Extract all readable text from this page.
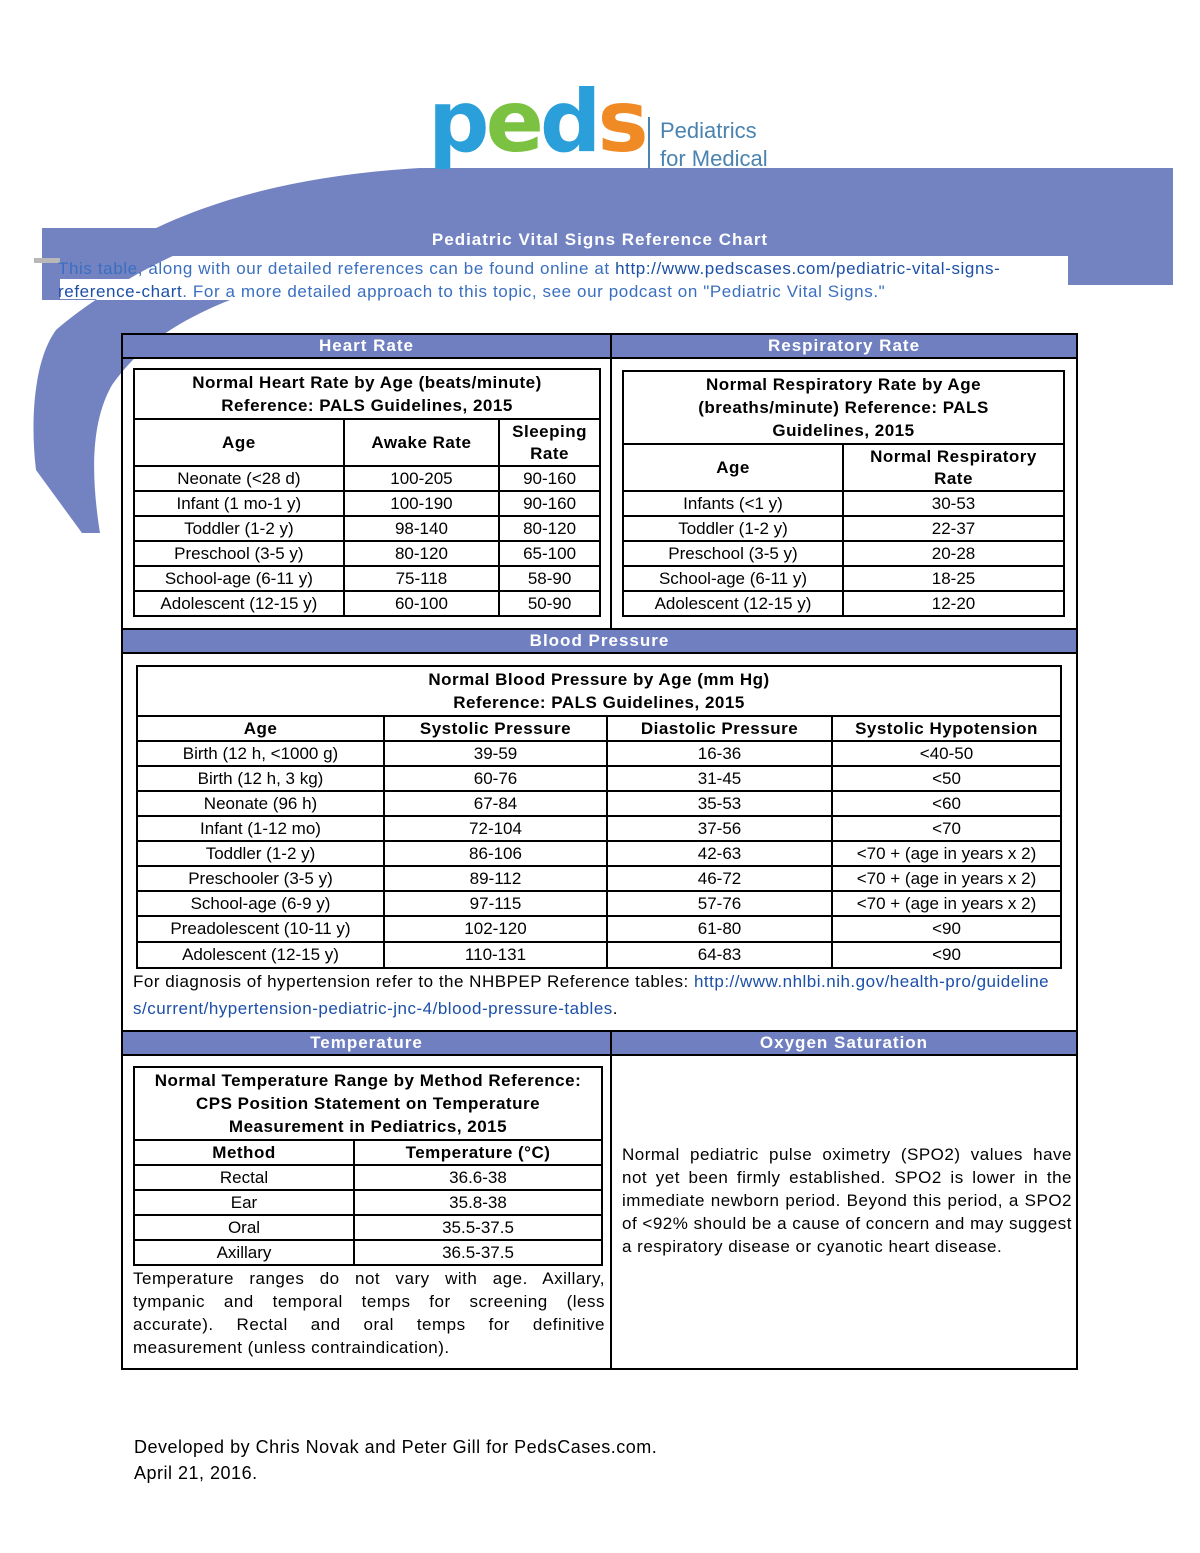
peds Pediatrics
for Medical
Pediatric Vital Signs Reference Chart
This table, along with our detailed references can be found online at http://www.pedscases.com/pediatric-vital-signs-reference-chart. For a more detailed approach to this topic, see our podcast on "Pediatric Vital Signs."
Heart Rate	Respiratory Rate
Normal Heart Rate by Age (beats/minute) Reference: PALS Guidelines, 2015		
Age	Awake Rate	Sleeping Rate
Neonate (<28 d)	100-205	90-160
Infant (1 mo-1 y)	100-190	90-160
Toddler (1-2 y)	98-140	80-120
Preschool (3-5 y)	80-120	65-100
School-age (6-11 y)	75-118	58-90
Adolescent (12-15 y)	60-100	50-90
Normal Respiratory Rate by Age (breaths/minute) Reference: PALS Guidelines, 2015	
Age	Normal Respiratory Rate
Infants (<1 y)	30-53
Toddler (1-2 y)	22-37
Preschool (3-5 y)	20-28
School-age (6-11 y)	18-25
Adolescent (12-15 y)	12-20
Blood Pressure
Normal Blood Pressure by Age (mm Hg)
Reference: PALS Guidelines, 2015			

Age	Systolic Pressure	Diastolic Pressure	Systolic Hypotension
Birth (12 h, <1000 g)	39-59	16-36	<40-50
Birth (12 h, 3 kg)	60-76	31-45	<50
Neonate (96 h)	67-84	35-53	<60
Infant (1-12 mo)	72-104	37-56	<70
Toddler (1-2 y)	86-106	42-63	<70 + (age in years x 2)
Preschooler (3-5 y)	89-112	46-72	<70 + (age in years x 2)
School-age (6-9 y)	97-115	57-76	<70 + (age in years x 2)
Preadolescent (10-11 y)	102-120	61-80	<90
Adolescent (12-15 y)	110-131	64-83	<90
For diagnosis of hypertension refer to the NHBPEP Reference tables: http://www.nhlbi.nih.gov/health-pro/guidelines/current/hypertension-pediatric-jnc-4/blood-pressure-tables.
Temperature	Oxygen Saturation
Normal Temperature Range by Method Reference: CPS Position Statement on Temperature Measurement in Pediatrics, 2015	
Method	Temperature (°C)
Rectal	36.6-38
Ear	35.8-38
Oral	35.5-37.5
Axillary	36.5-37.5
Temperature ranges do not vary with age. Axillary, tympanic and temporal temps for screening (less accurate). Rectal and oral temps for definitive measurement (unless contraindication).
Normal pediatric pulse oximetry (SPO2) values have not yet been firmly established. SPO2 is lower in the immediate newborn period. Beyond this period, a SPO2 of <92% should be a cause of concern and may suggest a respiratory disease or cyanotic heart disease.
Developed by Chris Novak and Peter Gill for PedsCases.com.
April 21, 2016.
